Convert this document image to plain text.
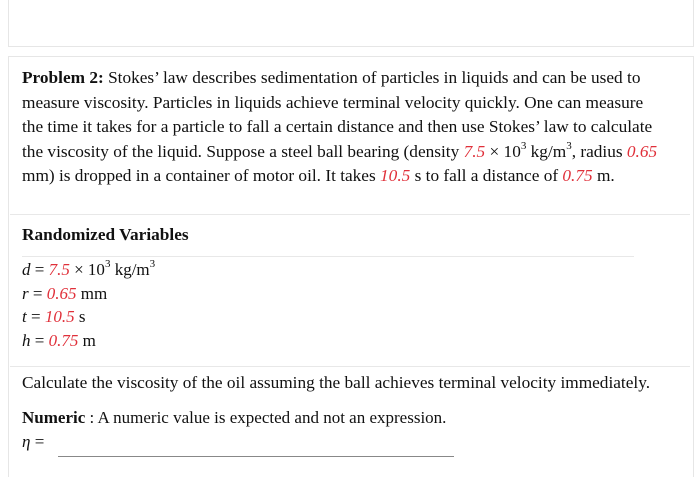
Problem 2: Stokes’ law describes sedimentation of particles in liquids and can be used to measure viscosity. Particles in liquids achieve terminal velocity quickly. One can measure the time it takes for a particle to fall a certain distance and then use Stokes’ law to calculate the viscosity of the liquid. Suppose a steel ball bearing (density $7.5 \times 10^3$ $kg/m^3$, radius 0.65 mm) is dropped in a container of motor oil. It takes 10.5 s to fall a distance of 0.75 m.
Randomized Variables
$d = 7.5 \times 10^3$ $kg/m^3$
r = 0.65 mm
t = 10.5 s
h = 0.75 m
Calculate the viscosity of the oil assuming the ball achieves terminal velocity immediately.
Numeric : A numeric value is expected and not an expression.
η =
